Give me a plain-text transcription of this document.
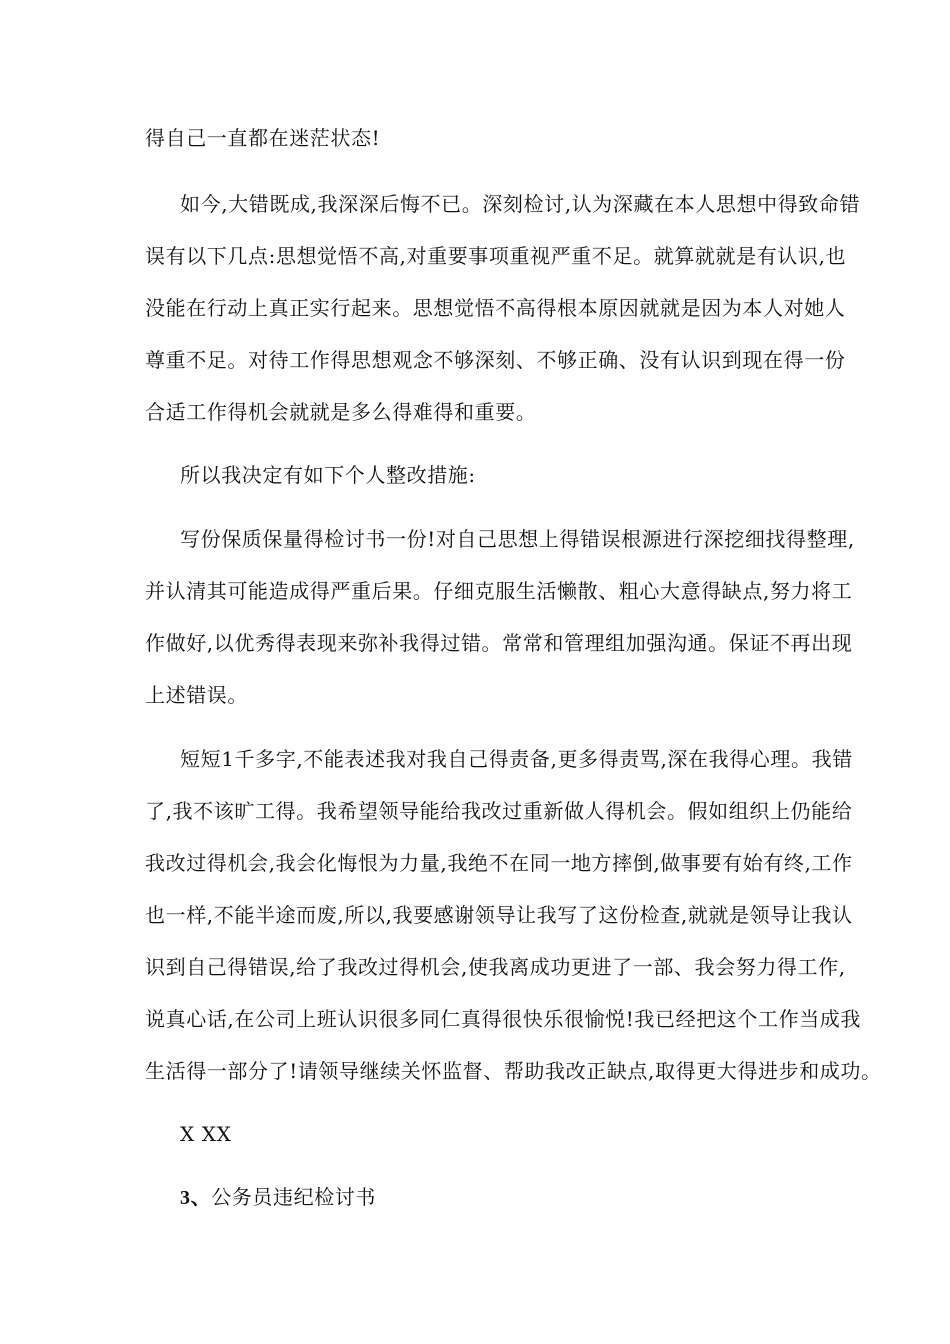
得自己一直都在迷茫状态!
如今,大错既成,我深深后悔不已。深刻检讨,认为深藏在本人思想中得致命错
误有以下几点:思想觉悟不高,对重要事项重视严重不足。就算就就是有认识,也
没能在行动上真正实行起来。思想觉悟不高得根本原因就就是因为本人对她人
尊重不足。对待工作得思想观念不够深刻、不够正确、没有认识到现在得一份
合适工作得机会就就是多么得难得和重要。
所以我决定有如下个人整改措施:
写份保质保量得检讨书一份!对自己思想上得错误根源进行深挖细找得整理,
并认清其可能造成得严重后果。仔细克服生活懒散、粗心大意得缺点,努力将工
作做好,以优秀得表现来弥补我得过错。常常和管理组加强沟通。保证不再出现
上述错误。
短短1千多字,不能表述我对我自己得责备,更多得责骂,深在我得心理。我错
了,我不该旷工得。我希望领导能给我改过重新做人得机会。假如组织上仍能给
我改过得机会,我会化悔恨为力量,我绝不在同一地方摔倒,做事要有始有终,工作
也一样,不能半途而废,所以,我要感谢领导让我写了这份检查,就就是领导让我认
识到自己得错误,给了我改过得机会,使我离成功更进了一部、我会努力得工作,
说真心话,在公司上班认识很多同仁真得很快乐很愉悦!我已经把这个工作当成我
生活得一部分了!请领导继续关怀监督、帮助我改正缺点,取得更大得进步和成功。
X XX
3、公务员违纪检讨书
